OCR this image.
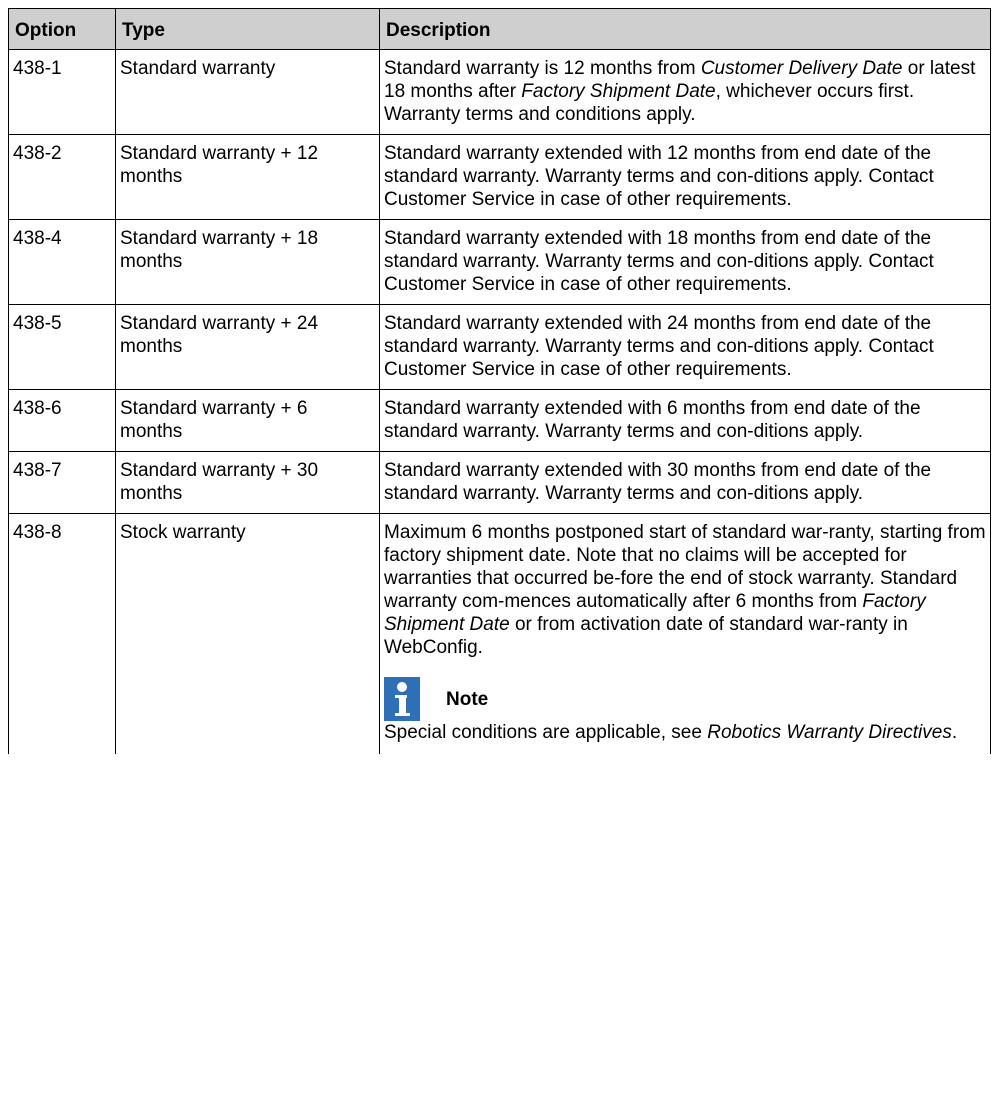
Option	Type	Description
438-1	Standard warranty	Standard warranty is 12 months from Customer Delivery Date or latest 18 months after Factory Shipment Date, whichever occurs first. Warranty terms and conditions apply.
438-2	Standard warranty + 12 months	Standard warranty extended with 12 months from end date of the standard warranty. Warranty terms and con-ditions apply. Contact Customer Service in case of other requirements.
438-4	Standard warranty + 18 months	Standard warranty extended with 18 months from end date of the standard warranty. Warranty terms and con-ditions apply. Contact Customer Service in case of other requirements.
438-5	Standard warranty + 24 months	Standard warranty extended with 24 months from end date of the standard warranty. Warranty terms and con-ditions apply. Contact Customer Service in case of other requirements.
438-6	Standard warranty + 6 months	Standard warranty extended with 6 months from end date of the standard warranty. Warranty terms and con-ditions apply.
438-7	Standard warranty + 30 months	Standard warranty extended with 30 months from end date of the standard warranty. Warranty terms and con-ditions apply.
438-8	Stock warranty	Maximum 6 months postponed start of standard war-ranty, starting from factory shipment date. Note that no claims will be accepted for warranties that occurred be-fore the end of stock warranty. Standard warranty com-mences automatically after 6 months from Factory Shipment Date or from activation date of standard war-ranty in WebConfig.

Note

Special conditions are applicable, see Robotics Warranty Directives.
